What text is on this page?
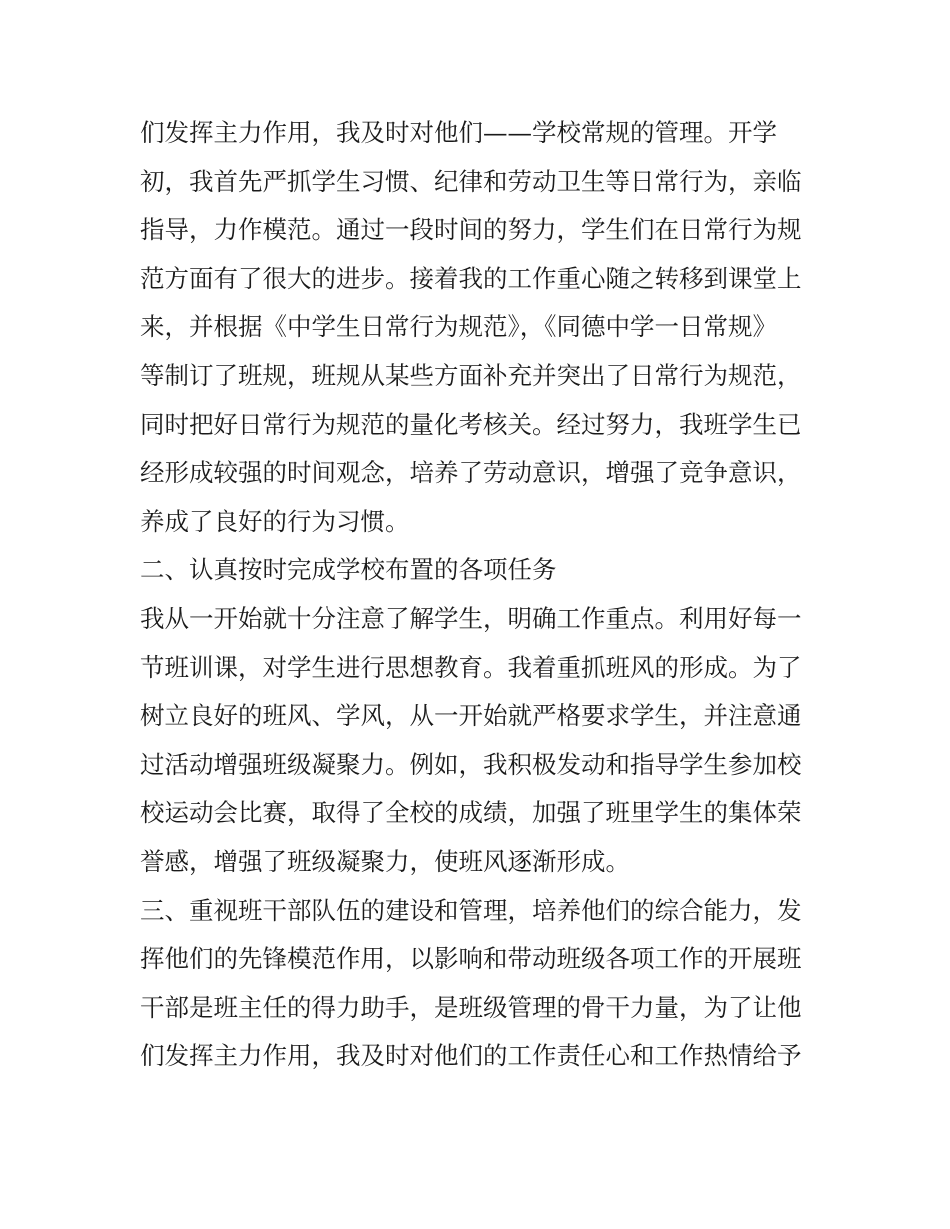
们发挥主力作用，我及时对他们——学校常规的管理。开学
初，我首先严抓学生习惯、纪律和劳动卫生等日常行为，亲临
指导，力作模范。通过一段时间的努力，学生们在日常行为规
范方面有了很大的进步。接着我的工作重心随之转移到课堂上
来，并根据《中学生日常行为规范》，《同德中学一日常规》
等制订了班规，班规从某些方面补充并突出了日常行为规范，
同时把好日常行为规范的量化考核关。经过努力，我班学生已
经形成较强的时间观念，培养了劳动意识，增强了竞争意识，
养成了良好的行为习惯。
二、认真按时完成学校布置的各项任务
我从一开始就十分注意了解学生，明确工作重点。利用好每一
节班训课，对学生进行思想教育。我着重抓班风的形成。为了
树立良好的班风、学风，从一开始就严格要求学生，并注意通
过活动增强班级凝聚力。例如，我积极发动和指导学生参加校
校运动会比赛，取得了全校的成绩，加强了班里学生的集体荣
誉感，增强了班级凝聚力，使班风逐渐形成。
三、重视班干部队伍的建设和管理，培养他们的综合能力，发
挥他们的先锋模范作用，以影响和带动班级各项工作的开展班
干部是班主任的得力助手，是班级管理的骨干力量，为了让他
们发挥主力作用，我及时对他们的工作责任心和工作热情给予
